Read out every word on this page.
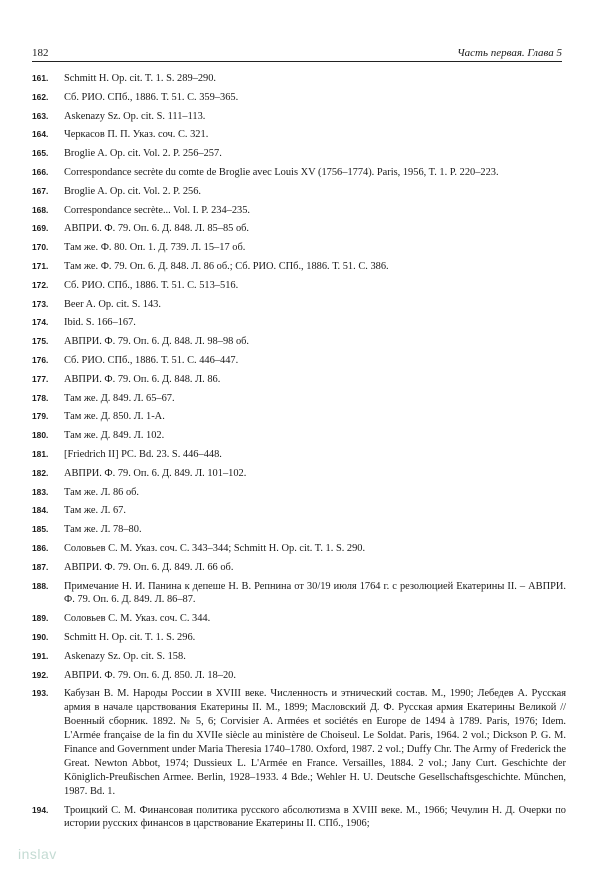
182	Часть первая. Глава 5
161.	Schmitt H. Op. cit. T. 1. S. 289–290.
162.	Сб. РИО. СПб., 1886. Т. 51. С. 359–365.
163.	Askenazy Sz. Op. cit. S. 111–113.
164.	Черкасов П. П. Указ. соч. С. 321.
165.	Broglie A. Op. cit. Vol. 2. P. 256–257.
166.	Correspondance secrète du comte de Broglie avec Louis XV (1756–1774). Paris, 1956, T. 1. P. 220–223.
167.	Broglie A. Op. cit. Vol. 2. P. 256.
168.	Correspondance secrète... Vol. I. P. 234–235.
169.	АВПРИ. Ф. 79. Оп. 6. Д. 848. Л. 85–85 об.
170.	Там же. Ф. 80. Оп. 1. Д. 739. Л. 15–17 об.
171.	Там же. Ф. 79. Оп. 6. Д. 848. Л. 86 об.; Сб. РИО. СПб., 1886. Т. 51. С. 386.
172.	Сб. РИО. СПб., 1886. Т. 51. С. 513–516.
173.	Beer A. Op. cit. S. 143.
174.	Ibid. S. 166–167.
175.	АВПРИ. Ф. 79. Оп. 6. Д. 848. Л. 98–98 об.
176.	Сб. РИО. СПб., 1886. Т. 51. С. 446–447.
177.	АВПРИ. Ф. 79. Оп. 6. Д. 848. Л. 86.
178.	Там же. Д. 849. Л. 65–67.
179.	Там же. Д. 850. Л. 1-А.
180.	Там же. Д. 849. Л. 102.
181.	[Friedrich II] PC. Bd. 23. S. 446–448.
182.	АВПРИ. Ф. 79. Оп. 6. Д. 849. Л. 101–102.
183.	Там же. Л. 86 об.
184.	Там же. Л. 67.
185.	Там же. Л. 78–80.
186.	Соловьев С. М. Указ. соч. С. 343–344; Schmitt H. Op. cit. T. 1. S. 290.
187.	АВПРИ. Ф. 79. Оп. 6. Д. 849. Л. 66 об.
188.	Примечание Н. И. Панина к депеше Н. В. Репнина от 30/19 июля 1764 г. с резолюцией Екатерины II. – АВПРИ. Ф. 79. Оп. 6. Д. 849. Л. 86–87.
189.	Соловьев С. М. Указ. соч. С. 344.
190.	Schmitt H. Op. cit. T. 1. S. 296.
191.	Askenazy Sz. Op. cit. S. 158.
192.	АВПРИ. Ф. 79. Оп. 6. Д. 850. Л. 18–20.
193.	Кабузан В. М. Народы России в XVIII веке. Численность и этнический состав. М., 1990; Лебедев А. Русская армия в начале царствования Екатерины II. М., 1899; Масловский Д. Ф. Русская армия Екатерины Великой // Военный сборник. 1892. № 5, 6; Corvisier A. Armées et sociétés en Europe de 1494 à 1789. Paris, 1976; Idem. L'Armée française de la fin du XVIIe siècle au ministère de Choiseul. Le Soldat. Paris, 1964. 2 vol.; Dickson P. G. M. Finance and Government under Maria Theresia 1740–1780. Oxford, 1987. 2 vol.; Duffy Chr. The Army of Frederick the Great. Newton Abbot, 1974; Dussieux L. L'Armée en France. Versailles, 1884. 2 vol.; Jany Curt. Geschichte der Königlich-Preußischen Armee. Berlin, 1928–1933. 4 Bde.; Wehler H. U. Deutsche Gesellschaftsgeschichte. München, 1987. Bd. 1.
194.	Троицкий С. М. Финансовая политика русского абсолютизма в XVIII веке. М., 1966; Чечулин Н. Д. Очерки по истории русских финансов в царствование Екатерины II. СПб., 1906;
inslav
